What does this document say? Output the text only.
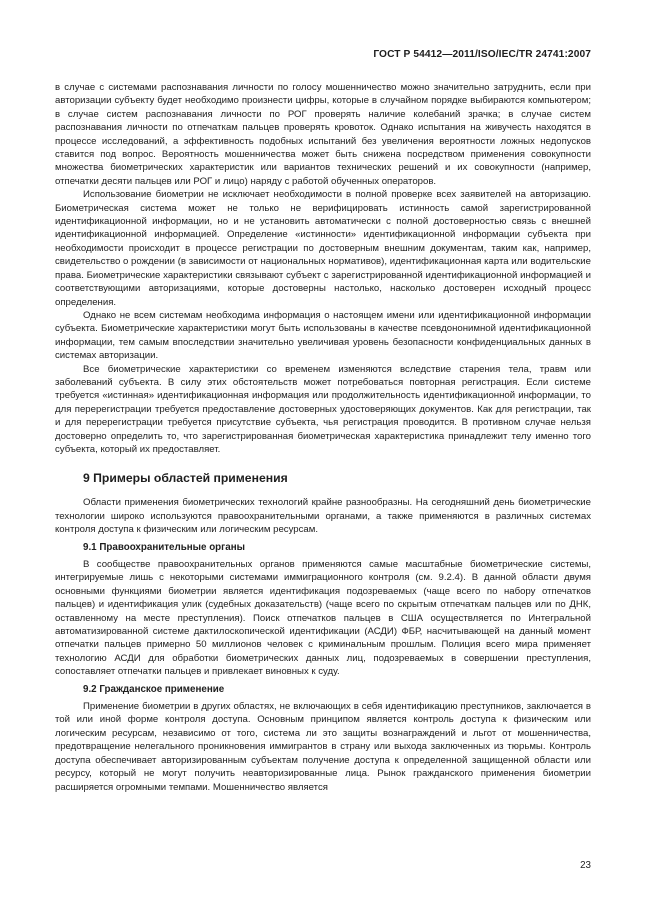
ГОСТ Р 54412—2011/ISO/IEC/TR 24741:2007

в случае с системами распознавания личности по голосу мошенничество можно значительно затруднить, если при авторизации субъекту будет необходимо произнести цифры, которые в случайном порядке выбираются компьютером; в случае систем распознавания личности по РОГ проверять наличие колебаний зрачка; в случае систем распознавания личности по отпечаткам пальцев проверять кровоток. Однако испытания на живучесть находятся в процессе исследований, а эффективность подобных испытаний без увеличения вероятности ложных недопусков ставится под вопрос. Вероятность мошенничества может быть снижена посредством применения совокупности множества биометрических характеристик или вариантов технических решений и их совокупности (например, отпечатки десяти пальцев или РОГ и лицо) наряду с работой обученных операторов.

Использование биометрии не исключает необходимости в полной проверке всех заявителей на авторизацию. Биометрическая система может не только не верифицировать истинность самой зарегистрированной идентификационной информации, но и не установить автоматически с полной достоверностью связь с внешней идентификационной информацией. Определение «истинности» идентификационной информации субъекта при необходимости происходит в процессе регистрации по достоверным внешним документам, таким как, например, свидетельство о рождении (в зависимости от национальных нормативов), идентификационная карта или водительские права. Биометрические характеристики связывают субъект с зарегистрированной идентификационной информацией и соответствующими авторизациями, которые достоверны настолько, насколько достоверен исходный процесс определения.

Однако не всем системам необходима информация о настоящем имени или идентификационной информации субъекта. Биометрические характеристики могут быть использованы в качестве псевдононимной идентификационной информации, тем самым впоследствии значительно увеличивая уровень безопасности конфиденциальных данных в системах авторизации.

Все биометрические характеристики со временем изменяются вследствие старения тела, травм или заболеваний субъекта. В силу этих обстоятельств может потребоваться повторная регистрация. Если системе требуется «истинная» идентификационная информация или продолжительность идентификационной информации, то для перерегистрации требуется предоставление достоверных удостоверяющих документов. Как для регистрации, так и для перерегистрации требуется присутствие субъекта, чья регистрация проводится. В противном случае нельзя достоверно определить то, что зарегистрированная биометрическая характеристика принадлежит телу именно того субъекта, который их предоставляет.

9 Примеры областей применения

Области применения биометрических технологий крайне разнообразны. На сегодняшний день биометрические технологии широко используются правоохранительными органами, а также применяются в различных системах контроля доступа к физическим или логическим ресурсам.

9.1 Правоохранительные органы

В сообществе правоохранительных органов применяются самые масштабные биометрические системы, интегрируемые лишь с некоторыми системами иммиграционного контроля (см. 9.2.4). В данной области двумя основными функциями биометрии является идентификация подозреваемых (чаще всего по набору отпечатков пальцев) и идентификация улик (судебных доказательств) (чаще всего по скрытым отпечаткам пальцев или по ДНК, оставленному на месте преступления). Поиск отпечатков пальцев в США осуществляется по Интегральной автоматизированной системе дактилоскопической идентификации (АСДИ) ФБР, насчитывающей на данный момент отпечатки пальцев примерно 50 миллионов человек с криминальным прошлым. Полиция всего мира применяет технологию АСДИ для обработки биометрических данных лиц, подозреваемых в совершении преступления, сопоставляет отпечатки пальцев и привлекает виновных к суду.

9.2 Гражданское применение

Применение биометрии в других областях, не включающих в себя идентификацию преступников, заключается в той или иной форме контроля доступа. Основным принципом является контроль доступа к физическим или логическим ресурсам, независимо от того, система ли это защиты вознаграждений и льгот от мошенничества, предотвращение нелегального проникновения иммигрантов в страну или выхода заключенных из тюрьмы. Контроль доступа обеспечивает авторизированным субъектам получение доступа к определенной защищенной области или ресурсу, который не могут получить неавторизированные лица. Рынок гражданского применения биометрии расширяется огромными темпами. Мошенничество является

23
